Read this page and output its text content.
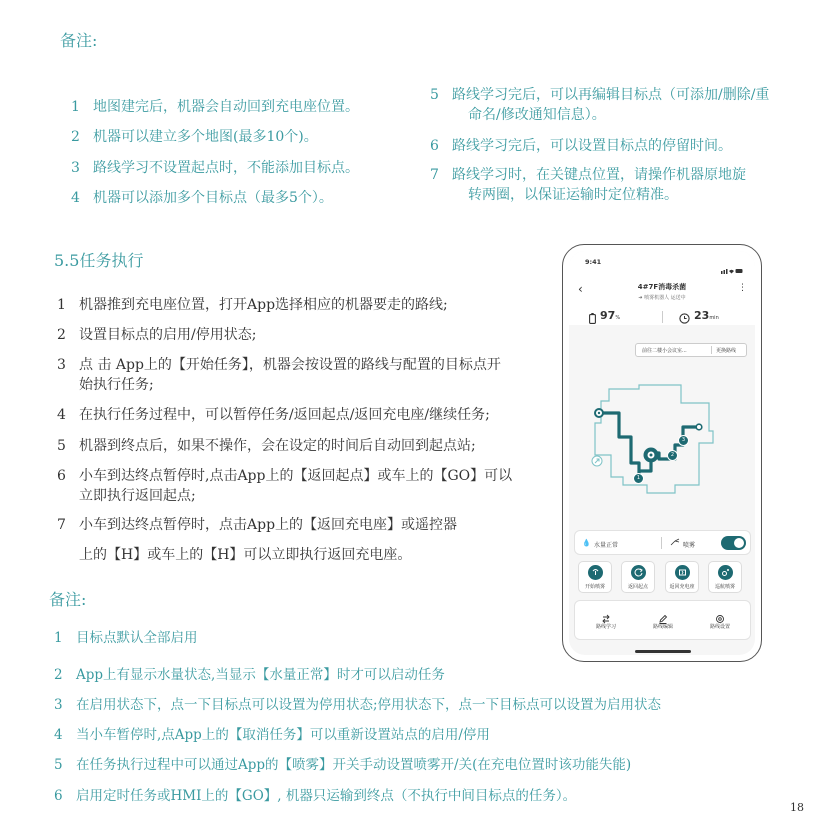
备注:
1 地图建完后，机器会自动回到充电座位置。
2 机器可以建立多个地图(最多10个)。
3 路线学习不设置起点时，不能添加目标点。
4 机器可以添加多个目标点（最多5个）。
5 路线学习完后，可以再编辑目标点（可添加/删除/重
命名/修改通知信息）。
6 路线学习完后，可以设置目标点的停留时间。
7 路线学习时，在关键点位置，请操作机器原地旋
转两圈，以保证运输时定位精准。
5.5任务执行
1 机器推到充电座位置，打开App选择相应的机器要走的路线;
2 设置目标点的启用/停用状态;
3 点 击 App上的【开始任务】，机器会按设置的路线与配置的目标点开
始执行任务;
4 在执行任务过程中，可以暂停任务/返回起点/返回充电座/继续任务;
5 机器到终点后，如果不操作，会在设定的时间后自动回到起点站;
6 小车到达终点暂停时,点击App上的【返回起点】或车上的【GO】可以
立即执行返回起点;
7 小车到达终点暂停时，点击App上的【返回充电座】或遥控器
上的【H】或车上的【H】可以立即执行返回充电座。
备注:
1 目标点默认全部启用
2 App上有显示水量状态,当显示【水量正常】时才可以启动任务
3 在启用状态下，点一下目标点可以设置为停用状态;停用状态下，点一下目标点可以设置为启用状态
4 当小车暂停时,点App上的【取消任务】可以重新设置站点的启用/停用
5 在任务执行过程中可以通过App的【喷雾】开关手动设置喷雾开/关(在充电位置时该功能失能)
6 启用定时任务或HMI上的【GO】, 机器只运输到终点（不执行中间目标点的任务）。
18
9:41
‹	4#7F消毒杀菌
➜ 喷雾机器人 运送中
⋮
97%	23min
前往二楼小会议室...	更换路线
1
2
3
💧 水量正常	喷雾
开始喷雾	返回起点	返回充电座	巡航喷雾
路线学习	路线编辑	路线设置
